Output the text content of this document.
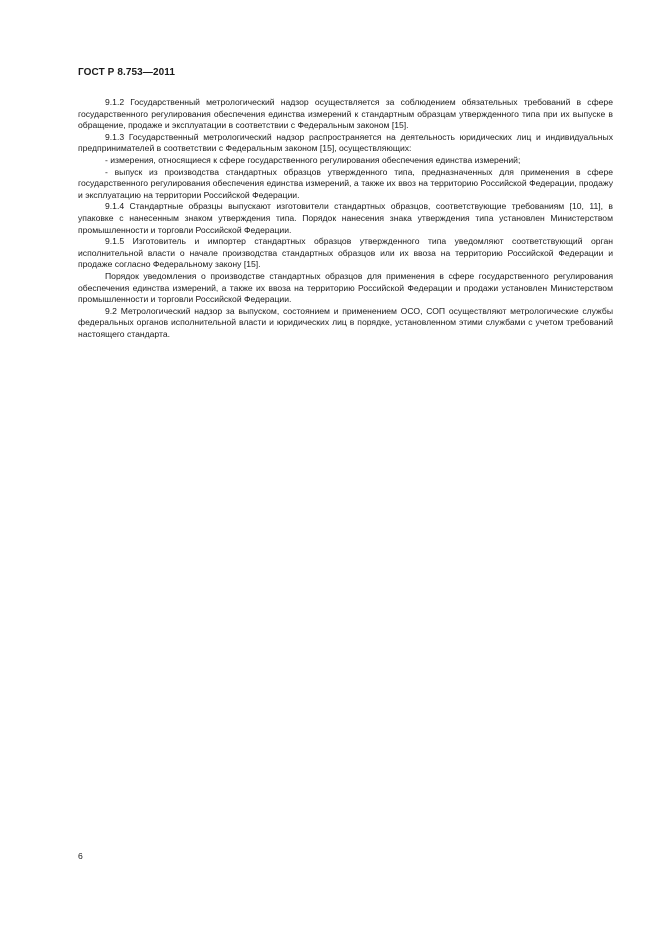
ГОСТ Р 8.753—2011

9.1.2 Государственный метрологический надзор осуществляется за соблюдением обязательных требований в сфере государственного регулирования обеспечения единства измерений к стандартным образцам утвержденного типа при их выпуске в обращение, продаже и эксплуатации в соответствии с Федеральным законом [15].

9.1.3 Государственный метрологический надзор распространяется на деятельность юридических лиц и индивидуальных предпринимателей в соответствии с Федеральным законом [15], осуществляющих:

- измерения, относящиеся к сфере государственного регулирования обеспечения единства измерений;

- выпуск из производства стандартных образцов утвержденного типа, предназначенных для применения в сфере государственного регулирования обеспечения единства измерений, а также их ввоз на территорию Российской Федерации, продажу и эксплуатацию на территории Российской Федерации.

9.1.4 Стандартные образцы выпускают изготовители стандартных образцов, соответствующие требованиям [10, 11], в упаковке с нанесенным знаком утверждения типа. Порядок нанесения знака утверждения типа установлен Министерством промышленности и торговли Российской Федерации.

9.1.5 Изготовитель и импортер стандартных образцов утвержденного типа уведомляют соответствующий орган исполнительной власти о начале производства стандартных образцов или их ввоза на территорию Российской Федерации и продаже согласно Федеральному закону [15].

Порядок уведомления о производстве стандартных образцов для применения в сфере государственного регулирования обеспечения единства измерений, а также их ввоза на территорию Российской Федерации и продажи установлен Министерством промышленности и торговли Российской Федерации.

9.2 Метрологический надзор за выпуском, состоянием и применением ОСО, СОП осуществляют метрологические службы федеральных органов исполнительной власти и юридических лиц в порядке, установленном этими службами с учетом требований настоящего стандарта.

6
